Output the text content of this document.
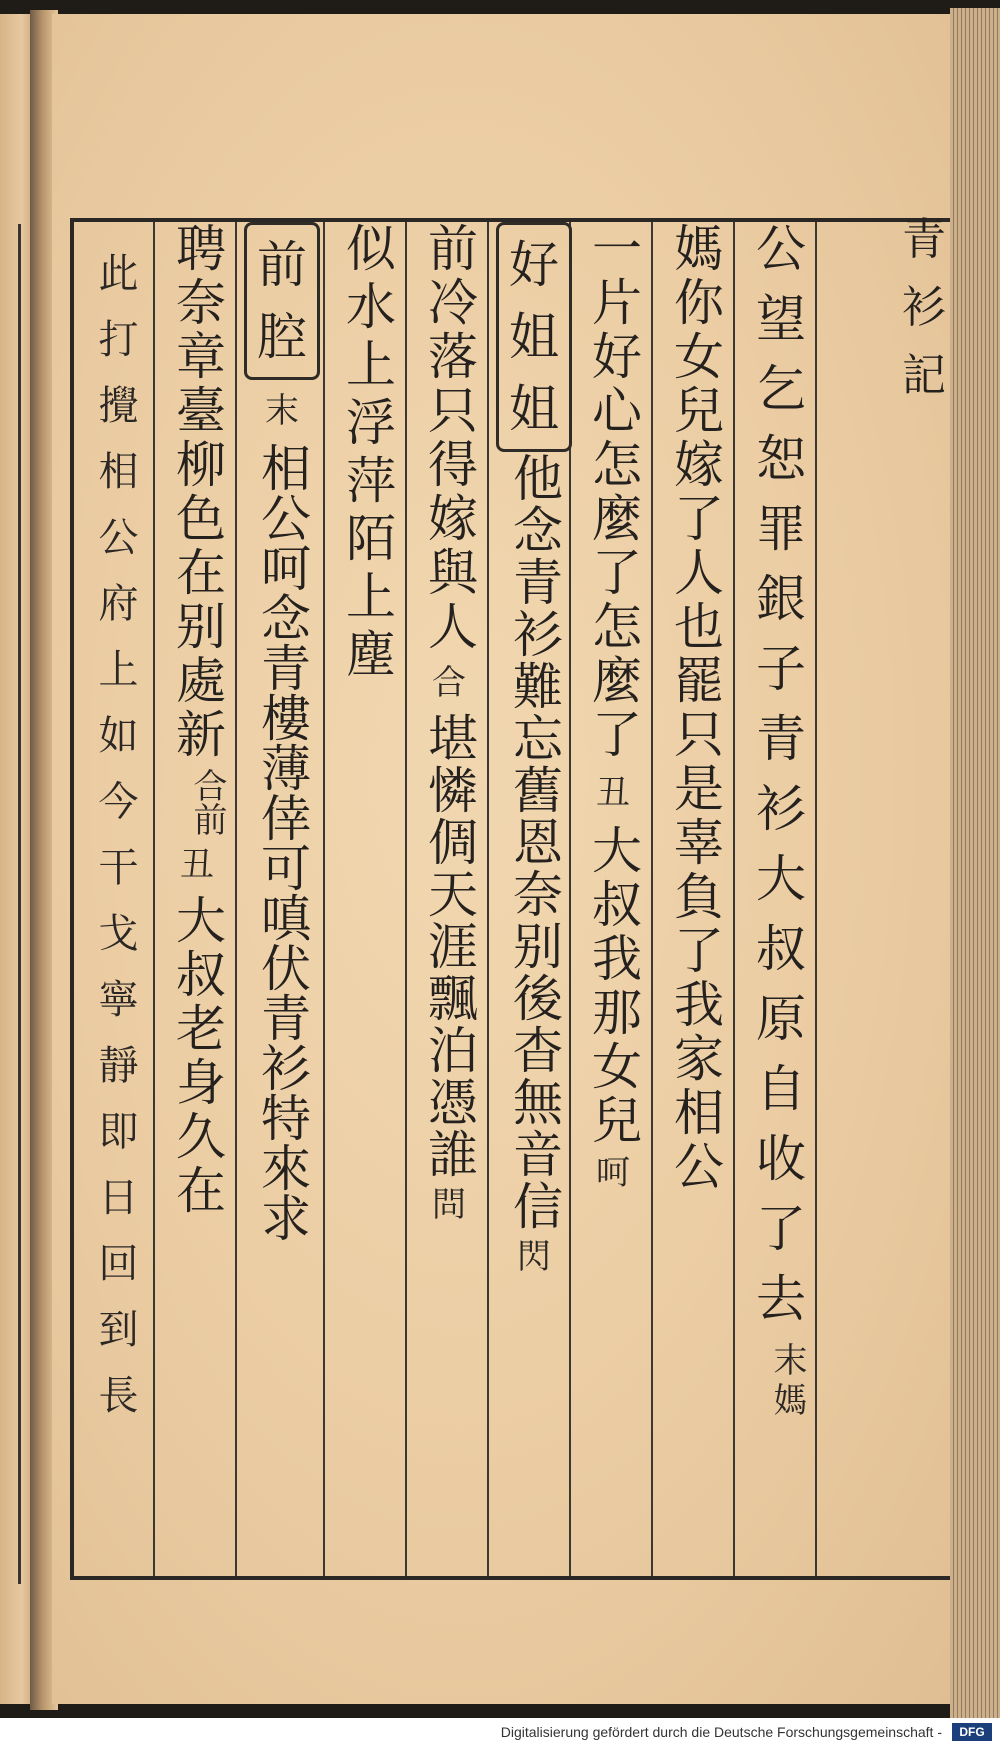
青
衫
記
公望乞恕罪銀子青衫大叔原自收了去
末媽
媽你女兒嫁了人也罷只是辜負了我家相公
一片好心怎麼了怎麼了
丑
大叔我那女兒
呵
好
姐
姐
他念青衫難忘舊恩奈别後杳無音信
閃
前冷落只得嫁與人
合
堪憐倜天涯飄泊憑誰
問
似水上浮萍陌上塵
前
腔
末
相公呵念青樓薄倖可嗔伏青衫特來求
聘奈章臺柳色在别處新
合前
丑
大叔老身久在
此打攪相公府上如今干戈寧靜即日回到長
Digitalisierung gefördert durch die Deutsche Forschungsgemeinschaft -	DFG
